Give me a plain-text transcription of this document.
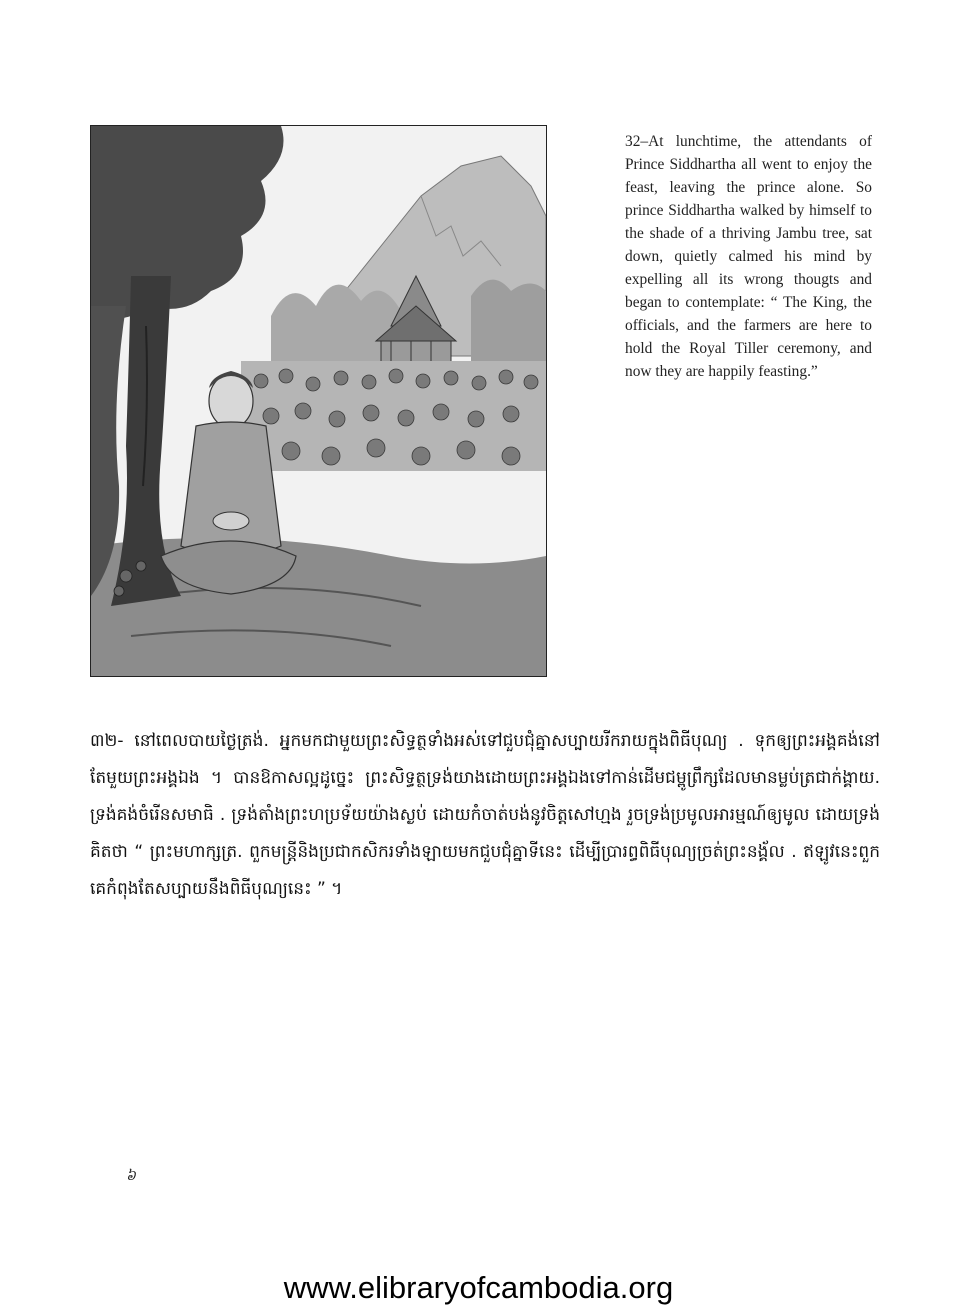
32–At lunchtime, the attendants of Prince Siddhartha all went to enjoy the feast, leaving the prince alone. So prince Siddhartha walked by himself to the shade of a thriving Jambu tree, sat down, quietly calmed his mind by expelling all its wrong thougts and began to contemplate: “ The King, the officials, and the farmers are here to hold the Royal Tiller ceremony, and now they are happily feasting.”

៣២- នៅពេលបាយថ្ងៃត្រង់. អ្នកមកជាមួយព្រះសិទ្ធត្ថទាំងអស់ទៅជួបជុំគ្នាសប្បាយរីករាយក្នុងពិធីបុណ្យ . ទុកឲ្យព្រះអង្គគង់នៅតែមួយព្រះអង្គឯង ។ បានឱកាសល្អដូច្នេះ ព្រះសិទ្ធត្ថទ្រង់យាងដោយព្រះអង្គឯងទៅកាន់ដើមជម្ពូព្រឹក្សដែលមានម្លប់ត្រជាក់ង្គាយ. ទ្រង់គង់ចំរើនសមាធិ . ទ្រង់តាំងព្រះហប្រទ័យយ៉ាងស្ងប់ ដោយកំចាត់បង់នូវចិត្តសៅហ្មង រួចទ្រង់ប្រមូលអារម្មណ៍ឲ្យមូល ដោយទ្រង់គិតថា “ ព្រះមហាក្សត្រ. ពួកមន្ត្រីនិងប្រជាកសិករទាំងឡាយមកជួបជុំគ្នាទីនេះ ដើម្បីប្រារព្ធពិធីបុណ្យច្រត់ព្រះនង្គ័ល . ឥឡូវនេះពួកគេកំពុងតែសប្បាយនឹងពិធីបុណ្យនេះ ” ។

៦
www.elibraryofcambodia.org
